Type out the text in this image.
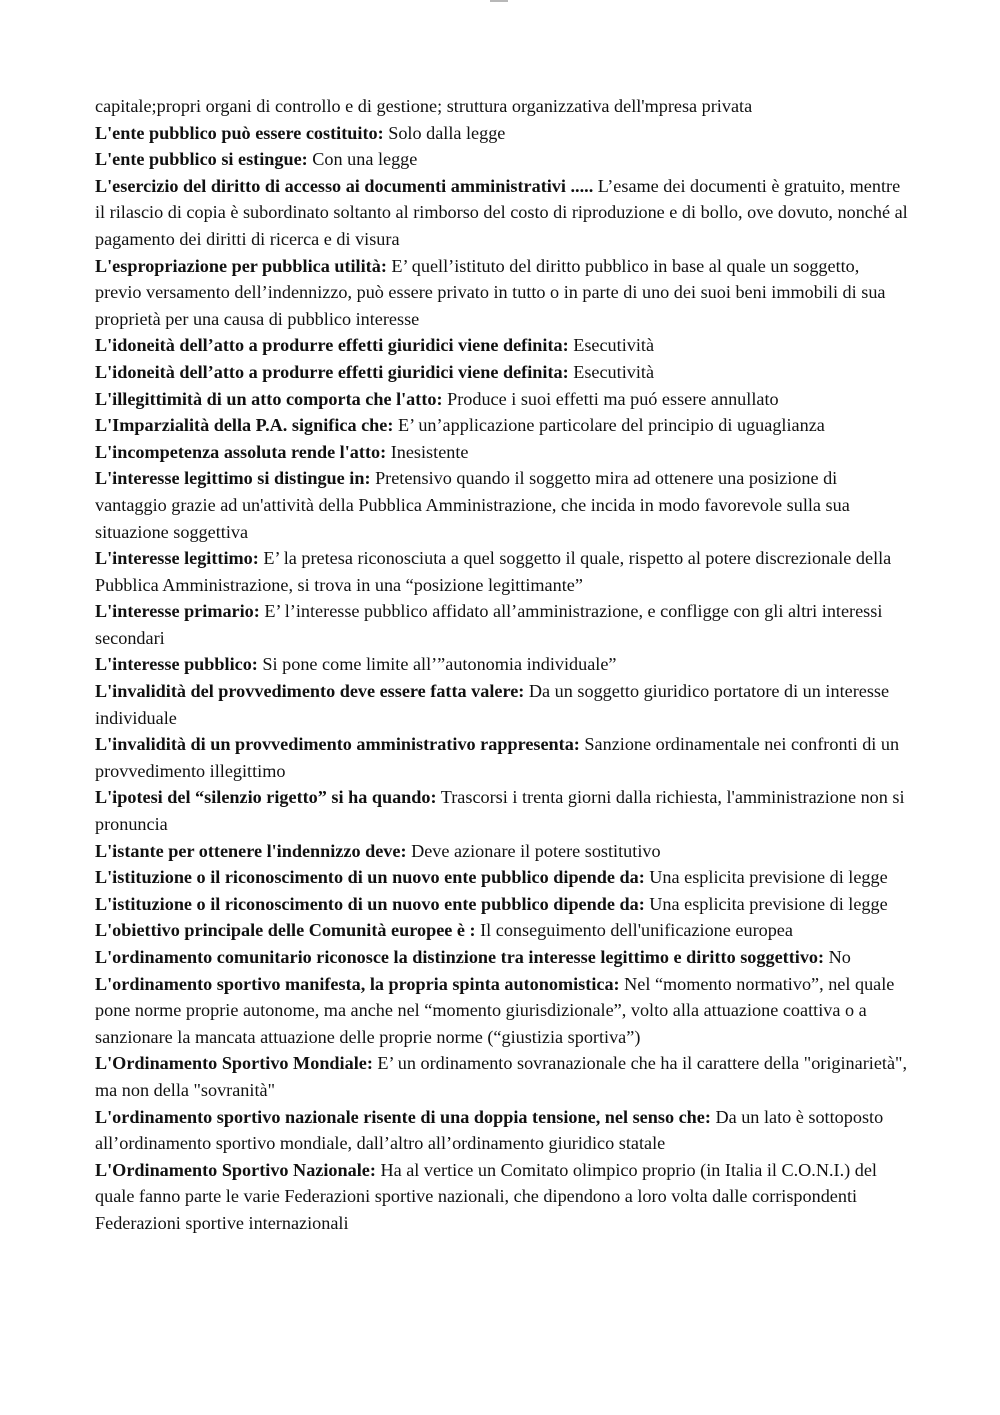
capitale;propri organi di controllo e di gestione; struttura organizzativa dell'mpresa privata

L'ente pubblico può essere costituito: Solo dalla legge

L'ente pubblico si estingue: Con una legge

L'esercizio del diritto di accesso ai documenti amministrativi ..... L’esame dei documenti è gratuito, mentre il rilascio di copia è subordinato soltanto al rimborso del costo di riproduzione e di bollo, ove dovuto, nonché al pagamento dei diritti di ricerca e di visura

L'espropriazione per pubblica utilità: E’ quell’istituto del diritto pubblico in base al quale un soggetto, previo versamento dell’indennizzo, può essere privato in tutto o in parte di uno dei suoi beni immobili di sua proprietà per una causa di pubblico interesse

L'idoneità dell’atto a produrre effetti giuridici viene definita: Esecutività

L'idoneità dell’atto a produrre effetti giuridici viene definita: Esecutività

L'illegittimità di un atto comporta che l'atto: Produce i suoi effetti ma puó essere annullato

L'Imparzialità della P.A. significa che: E’ un’applicazione particolare del principio di uguaglianza

L'incompetenza assoluta rende l'atto: Inesistente

L'interesse legittimo si distingue in: Pretensivo quando il soggetto mira ad ottenere una posizione di vantaggio grazie ad un'attività della Pubblica Amministrazione, che incida in modo favorevole sulla sua situazione soggettiva

L'interesse legittimo: E’ la pretesa riconosciuta a quel soggetto il quale, rispetto al potere discrezionale della Pubblica Amministrazione, si trova in una “posizione legittimante”

L'interesse primario: E’ l’interesse pubblico affidato all’amministrazione, e confligge con gli altri interessi secondari

L'interesse pubblico: Si pone come limite all’”autonomia individuale”

L'invalidità del provvedimento deve essere fatta valere: Da un soggetto giuridico portatore di un interesse individuale

L'invalidità di un provvedimento amministrativo rappresenta: Sanzione ordinamentale nei confronti di un provvedimento illegittimo

L'ipotesi del “silenzio rigetto” si ha quando: Trascorsi i trenta giorni dalla richiesta, l'amministrazione non si pronuncia

L'istante per ottenere l'indennizzo deve: Deve azionare il potere sostitutivo

L'istituzione o il riconoscimento di un nuovo ente pubblico dipende da: Una esplicita previsione di legge

L'istituzione o il riconoscimento di un nuovo ente pubblico dipende da: Una esplicita previsione di legge

L'obiettivo principale delle Comunità europee è : Il conseguimento dell'unificazione europea

L'ordinamento comunitario riconosce la distinzione tra interesse legittimo e diritto soggettivo: No

L'ordinamento sportivo manifesta, la propria spinta autonomistica: Nel “momento normativo”, nel quale pone norme proprie autonome, ma anche nel “momento giurisdizionale”, volto alla attuazione coattiva o a sanzionare la mancata attuazione delle proprie norme (“giustizia sportiva”)

L'Ordinamento Sportivo Mondiale: E’ un ordinamento sovranazionale che ha il carattere della "originarietà", ma non della "sovranità"

L'ordinamento sportivo nazionale risente di una doppia tensione, nel senso che: Da un lato è sottoposto all’ordinamento sportivo mondiale, dall’altro all’ordinamento giuridico statale

L'Ordinamento Sportivo Nazionale: Ha al vertice un Comitato olimpico proprio (in Italia il C.O.N.I.) del quale fanno parte le varie Federazioni sportive nazionali, che dipendono a loro volta dalle corrispondenti Federazioni sportive internazionali
